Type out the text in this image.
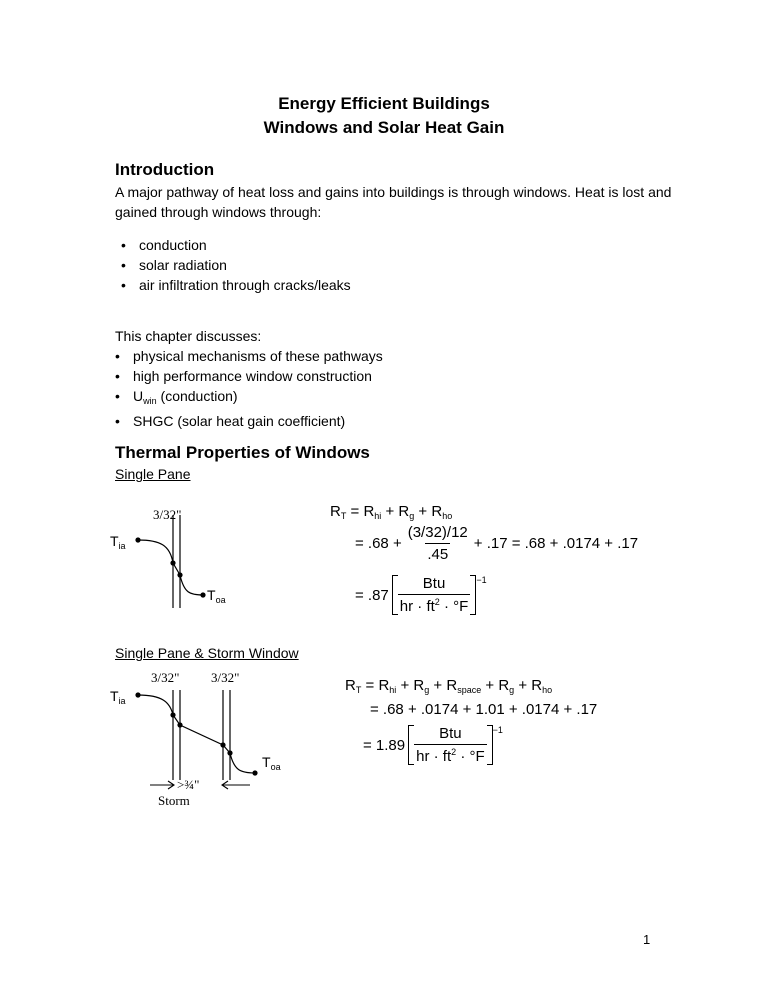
Energy Efficient Buildings
Windows and Solar Heat Gain
Introduction
A major pathway of heat loss and gains into buildings is through windows. Heat is lost and gained through windows through:
• conduction
• solar radiation
• air infiltration through cracks/leaks
This chapter discusses:
• physical mechanisms of these pathways
• high performance window construction
• $U_{win}$ (conduction)
• SHGC (solar heat gain coefficient)
Thermal Properties of Windows
Single Pane
3/32"
$T_{ia}$
$T_{oa}$
$R_T = R_{hi} + R_g + R_{ho}$
= $.68 + \frac{(3/32)/12}{.45} + .17 = .68 + .0174 + .17$
= $.87 \frac{\text{Btu}}{hr \cdot ft^2 \cdot ^\circ F} ^{-1}$
Single Pane & Storm Window
3/32" 3/32"
$T_{ia}$
$T_{oa}$
>¾"
Storm
$R_T = R_{hi} + R_g + R_{space} + R_g + R_{ho}$
= .68 + .0174 + 1.01 + .0174 + .17
= $1.89 \frac{\text{Btu}}{hr \cdot ft^2 \cdot ^\circ F} ^{-1}$
1
